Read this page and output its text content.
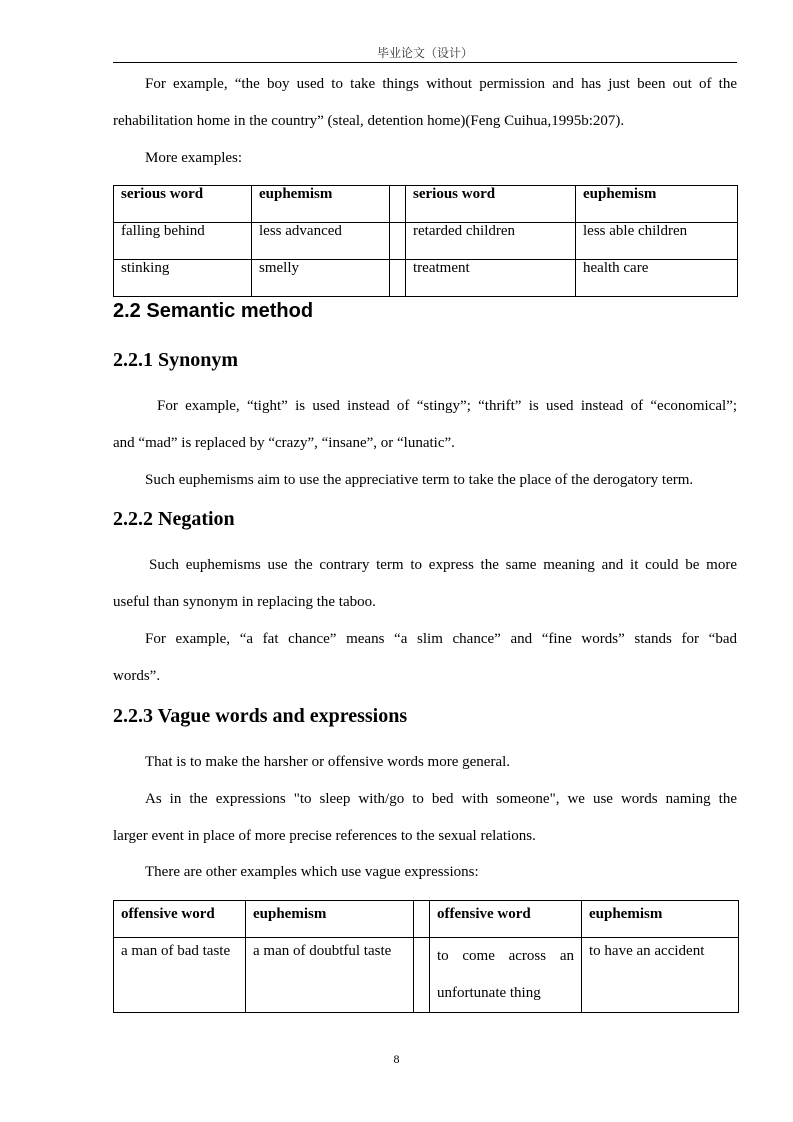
毕业论文（设计）
For example, “the boy used to take things without permission and has just been out of the
rehabilitation home in the country” (steal, detention home)(Feng Cuihua,1995b:207).
More examples:
serious word	euphemism		serious word	euphemism
falling behind	less advanced		retarded children	less able children
stinking	smelly		treatment	health care
2.2 Semantic method
2.2.1 Synonym
For example, “tight” is used instead of “stingy”; “thrift” is used instead of “economical”;
and “mad” is replaced by “crazy”, “insane”, or “lunatic”.
Such euphemisms aim to use the appreciative term to take the place of the derogatory term.
2.2.2 Negation
Such euphemisms use the contrary term to express the same meaning and it could be more
useful than synonym in replacing the taboo.
For example, “a fat chance” means “a slim chance” and “fine words” stands for “bad
words”.
2.2.3 Vague words and expressions
That is to make the harsher or offensive words more general.
As in the expressions "to sleep with/go to bed with someone", we use words naming the
larger event in place of more precise references to the sexual relations.
There are other examples which use vague expressions:
offensive word	euphemism		offensive word	euphemism
a man of bad taste	a man of doubtful taste		to come across an unfortunate thing	to have an accident
8
